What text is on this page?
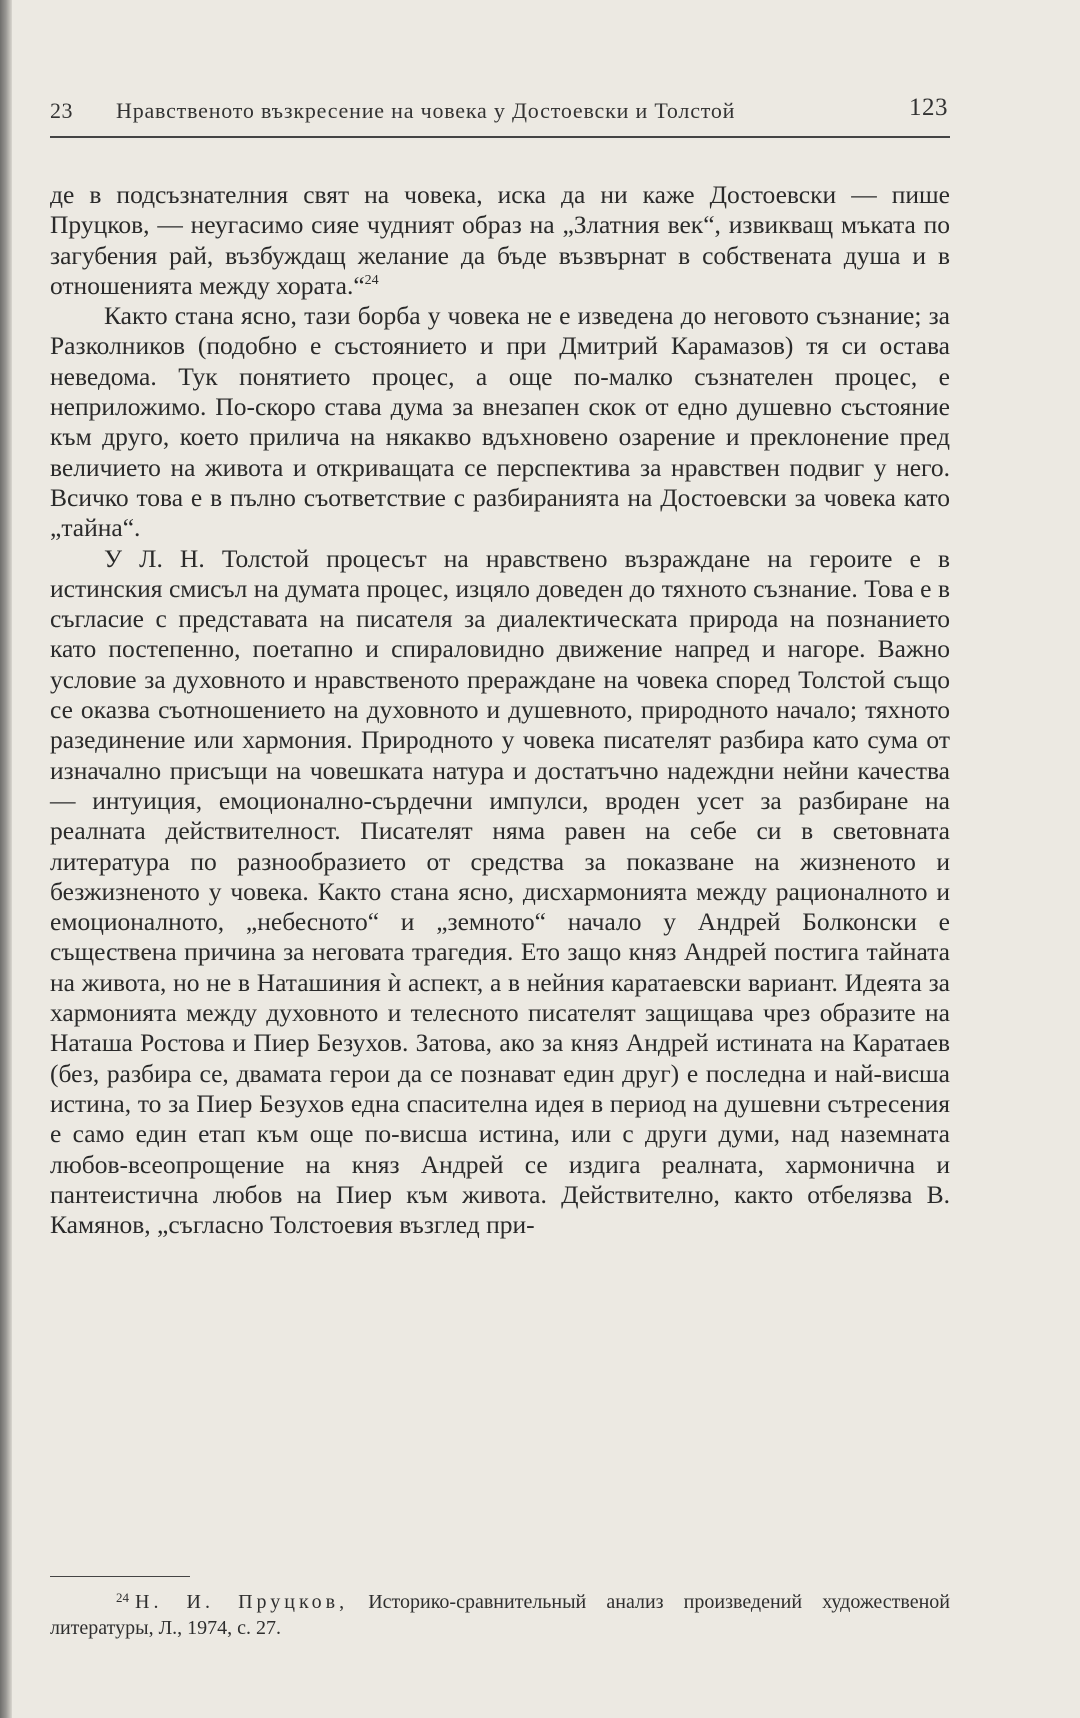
23 Нравственото възкресение на човека у Достоевски и Толстой	123

де в подсъзнателния свят на човека, иска да ни каже Достоевски — пише Пруцков, — неугасимо сияе чудният образ на „Златния век“, извикващ мъката по загубения рай, възбуждащ желание да бъде възвърнат в собствената душа и в отношенията между хората.“$^{24}$

Както стана ясно, тази борба у човека не е изведена до неговото съзнание; за Разколников (подобно е състоянието и при Дмитрий Карамазов) тя си остава неведома. Тук понятието процес, а още по-малко съзнателен процес, е неприложимо. По-скоро става дума за внезапен скок от едно душевно състояние към друго, което прилича на някакво вдъхновено озарение и преклонение пред величието на живота и откриващата се перспектива за нравствен подвиг у него. Всичко това е в пълно съответствие с разбиранията на Достоевски за човека като „тайна“.

У Л. Н. Толстой процесът на нравствено възраждане на героите е в истинския смисъл на думата процес, изцяло доведен до тяхното съзнание. Това е в съгласие с представата на писателя за диалектическата природа на познанието като постепенно, поетапно и спираловидно движение напред и нагоре. Важно условие за духовното и нравственото прераждане на човека според Толстой също се оказва съотношението на духовното и душевното, природното начало; тяхното разединение или хармония. Природното у човека писателят разбира като сума от изначално присъщи на човешката натура и достатъчно надеждни нейни качества — интуиция, емоционално-сърдечни импулси, вроден усет за разбиране на реалната действителност. Писателят няма равен на себе си в световната литература по разнообразието от средства за показване на жизненото и безжизненото у човека. Както стана ясно, дисхармонията между рационалното и емоционалното, „небесното“ и „земното“ начало у Андрей Болконски е съществена причина за неговата трагедия. Ето защо княз Андрей постига тайната на живота, но не в Наташиния ѝ аспект, а в нейния каратаевски вариант. Идеята за хармонията между духовното и телесното писателят защищава чрез образите на Наташа Ростова и Пиер Безухов. Затова, ако за княз Андрей истината на Каратаев (без, разбира се, двамата герои да се познават един друг) е последна и най-висша истина, то за Пиер Безухов една спасителна идея в период на душевни сътресения е само един етап към още по-висша истина, или с други думи, над наземната любов-всеопрощение на княз Андрей се издига реалната, хармонична и пантеистична любов на Пиер към живота. Действително, както отбелязва В. Камянов, „съгласно Толстоевия възглед при-

$^{24}$ Н. И. Пруцков, Историко-сравнительный анализ произведений художественой литературы, Л., 1974, с. 27.
